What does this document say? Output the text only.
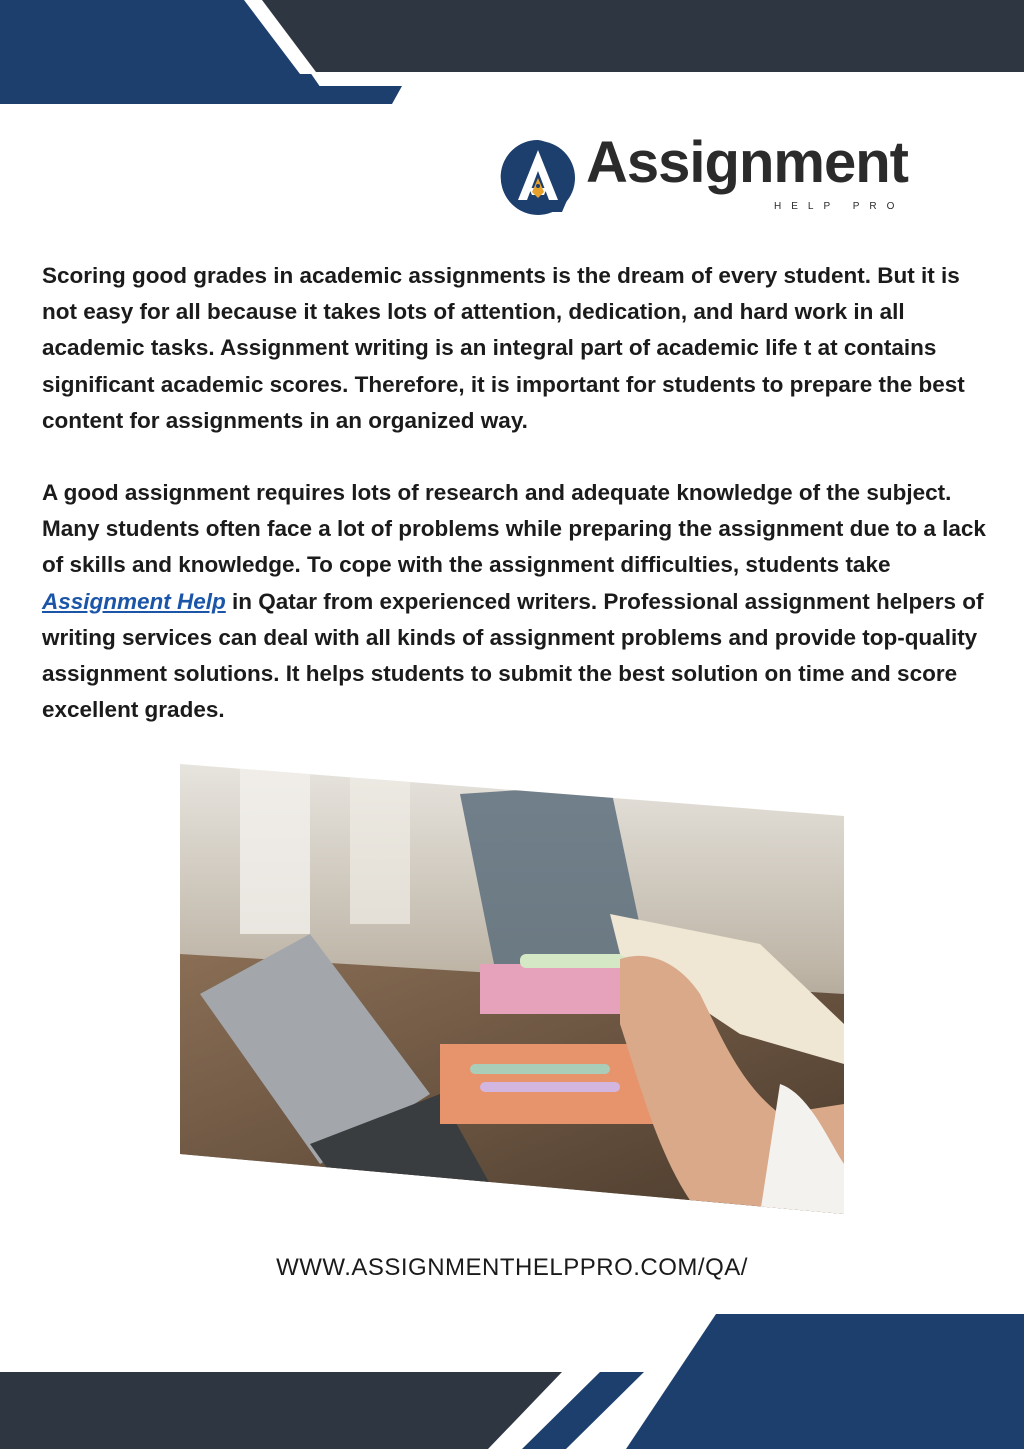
Assignment
HELP PRO

Scoring good grades in academic assignments is the dream of every student. But it is not easy for all because it takes lots of attention, dedication, and hard work in all academic tasks. Assignment writing is an integral part of academic life t at contains significant academic scores. Therefore, it is important for students to prepare the best content for assignments in an organized way.

A good assignment requires lots of research and adequate knowledge of the subject. Many students often face a lot of problems while preparing the assignment due to a lack of skills and knowledge. To cope with the assignment difficulties, students take Assignment Help in Qatar from experienced writers. Professional assignment helpers of writing services can deal with all kinds of assignment problems and provide top-quality assignment solutions. It helps students to submit the best solution on time and score excellent grades.

WWW.ASSIGNMENTHELPPRO.COM/QA/
